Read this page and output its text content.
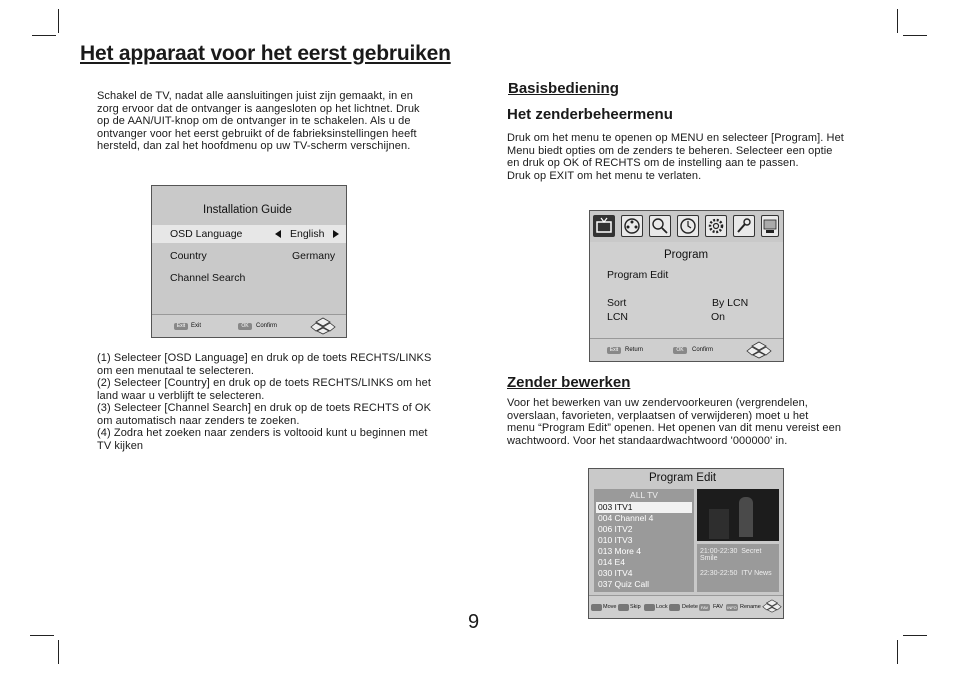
Het apparaat voor het eerst gebruiken
Schakel de TV, nadat alle aansluitingen juist zijn gemaakt, in en
zorg ervoor dat de ontvanger is aangesloten op het lichtnet. Druk
op de AAN/UIT-knop om de ontvanger in te schakelen. Als u de
ontvanger voor het eerst gebruikt of de fabrieksinstellingen heeft
hersteld, dan zal het hoofdmenu op uw TV-scherm verschijnen.
Installation Guide
OSD Language	English
Country	Germany
Channel Search
Exit Exit	OK	Confirm
(1) Selecteer [OSD Language] en druk op de toets RECHTS/LINKS
om een menutaal te selecteren.
(2) Selecteer [Country] en druk op de toets RECHTS/LINKS om het
land waar u verblijft te selecteren.
(3) Selecteer [Channel Search] en druk op de toets RECHTS of OK
om automatisch naar zenders te zoeken.
(4) Zodra het zoeken naar zenders is voltooid kunt u beginnen met
TV kijken
Basisbediening
Het zenderbeheermenu
Druk om het menu te openen op MENU en selecteer [Program]. Het
Menu biedt opties om de zenders te beheren. Selecteer een optie
en druk op OK of RECHTS om de instelling aan te passen.
Druk op EXIT om het menu te verlaten.
Program
Program Edit
Sort	By LCN
LCN	On
Exit	Return	OK	Confirm
Zender bewerken
Voor het bewerken van uw zendervoorkeuren (vergrendelen,
overslaan, favorieten, verplaatsen of verwijderen) moet u het
menu “Program Edit” openen. Het openen van dit menu vereist een
wachtwoord. Voor het standaardwachtwoord '000000' in.
Program Edit
ALL TV
003 ITV1
004 Channel 4
006 ITV2
010 ITV3
013 More 4
014 E4
030 ITV4
037 Quiz Call
21:00-22:30 Secret Smile
22:30-22:50 ITV News
Move Skip	Lock	Delete FAV FAV	INFO Rename
9
